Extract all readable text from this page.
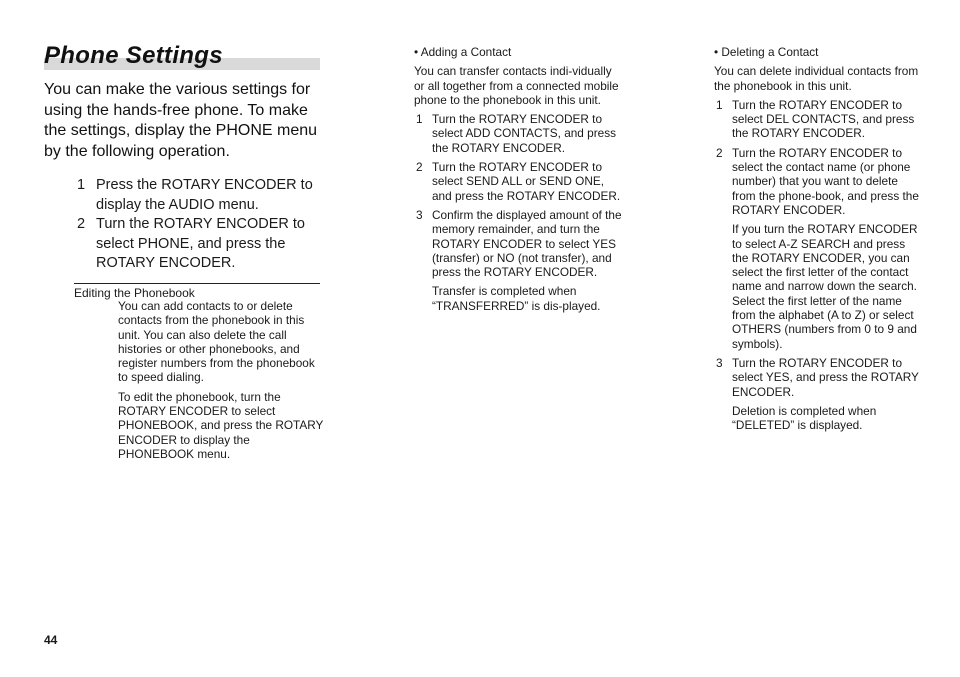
Phone Settings

You can make the various settings for using the hands-free phone. To make the settings, display the PHONE menu by the following operation.

1 Press the ROTARY ENCODER to display the AUDIO menu.
2 Turn the ROTARY ENCODER to select PHONE, and press the ROTARY ENCODER.

Editing the Phonebook

You can add contacts to or delete contacts from the phonebook in this unit. You can also delete the call histories or other phonebooks, and register numbers from the phonebook to speed dialing.

To edit the phonebook, turn the ROTARY ENCODER to select PHONEBOOK, and press the ROTARY ENCODER to display the PHONEBOOK menu.

• Adding a Contact

You can transfer contacts indi-vidually or all together from a connected mobile phone to the phonebook in this unit.

1 Turn the ROTARY ENCODER to select ADD CONTACTS, and press the ROTARY ENCODER.
2 Turn the ROTARY ENCODER to select SEND ALL or SEND ONE, and press the ROTARY ENCODER.
3 Confirm the displayed amount of the memory remainder, and turn the ROTARY ENCODER to select YES (transfer) or NO (not transfer), and press the ROTARY ENCODER.
Transfer is completed when “TRANSFERRED” is dis-played.

• Deleting a Contact

You can delete individual contacts from the phonebook in this unit.

1 Turn the ROTARY ENCODER to select DEL CONTACTS, and press the ROTARY ENCODER.
2 Turn the ROTARY ENCODER to select the contact name (or phone number) that you want to delete from the phone-book, and press the ROTARY ENCODER.
If you turn the ROTARY ENCODER to select A-Z SEARCH and press the ROTARY ENCODER, you can select the first letter of the contact name and narrow down the search. Select the first letter of the name from the alphabet (A to Z) or select OTHERS (numbers from 0 to 9 and symbols).
3 Turn the ROTARY ENCODER to select YES, and press the ROTARY ENCODER.
Deletion is completed when “DELETED” is displayed.

44
